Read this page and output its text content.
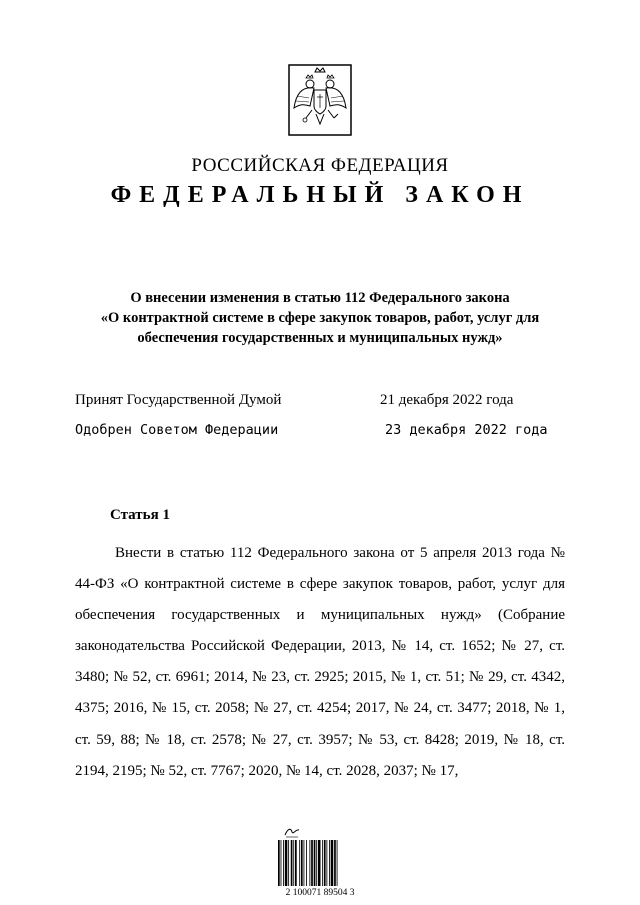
РОССИЙСКАЯ ФЕДЕРАЦИЯ
ФЕДЕРАЛЬНЫЙ ЗАКОН
О внесении изменения в статью 112 Федерального закона
«О контрактной системе в сфере закупок товаров, работ, услуг для
обеспечения государственных и муниципальных нужд»
Принят Государственной Думой	21 декабря 2022 года
Одобрен Советом Федерации	23 декабря 2022 года
Статья 1

Внести в статью 112 Федерального закона от 5 апреля 2013 года № 44-ФЗ «О контрактной системе в сфере закупок товаров, работ, услуг для обеспечения государственных и муниципальных нужд» (Собрание законодательства Российской Федерации, 2013, № 14, ст. 1652; № 27, ст. 3480; № 52, ст. 6961; 2014, № 23, ст. 2925; 2015, № 1, ст. 51; № 29, ст. 4342, 4375; 2016, № 15, ст. 2058; № 27, ст. 4254; 2017, № 24, ст. 3477; 2018, № 1, ст. 59, 88; № 18, ст. 2578; № 27, ст. 3957; № 53, ст. 8428; 2019, № 18, ст. 2194, 2195; № 52, ст. 7767; 2020, № 14, ст. 2028, 2037; № 17,

2 100071 89504 3
